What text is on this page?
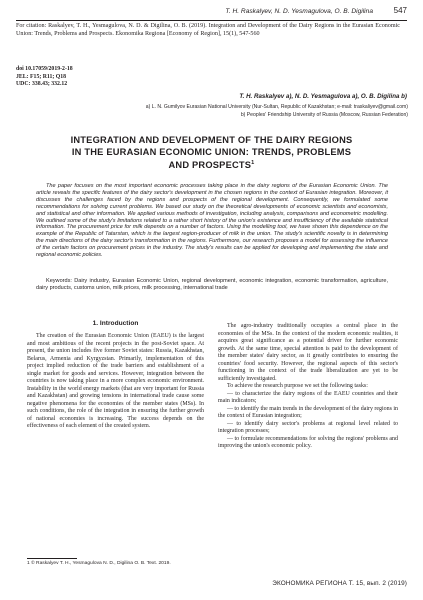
T. H. Raskalyev, N. D. Yesmagulova, O. B. Digilina	547
For citation: Raskalyev, T. H., Yesmagulova, N. D. & Digilina, O. B. (2019). Integration and Development of the Dairy Regions in the Eurasian Economic Union: Trends, Problems and Prospects. Ekonomika Regiona [Economy of Region], 15(1), 547-560
doi 10.17059/2019-2-18
JEL: F15; R11; Q18
UDC: 338.43; 332.12
T. H. Raskalyev a), N. D. Yesmagulova a), O. B. Digilina b)
a) L. N. Gumilyov Eurasian National University (Nur-Sultan, Republic of Kazakhstan; e-mail: traskaliyev@gmail.com)
b) Peoples' Friendship University of Russia (Moscow, Russian Federation)
INTEGRATION AND DEVELOPMENT OF THE DAIRY REGIONS
IN THE EURASIAN ECONOMIC UNION: TRENDS, PROBLEMS
AND PROSPECTS$^1$
The paper focuses on the most important economic processes taking place in the dairy regions of the Eurasian Economic Union. The article reveals the specific features of the dairy sector's development in the chosen regions in the context of Eurasian integration. Moreover, it discusses the challenges faced by the regions and prospects of the regional development. Consequently, we formulated some recommendations for solving current problems. We based our study on the theoretical developments of economic scientists and economists, and statistical and other information. We applied various methods of investigation, including analysis, comparisons and econometric modelling. We outlined some of the study's limitations related to a rather short history of the union's existence and insufficiency of the available statistical information. The procurement price for milk depends on a number of factors. Using the modelling tool, we have shown this dependence on the example of the Republic of Tatarstan, which is the largest region-producer of milk in the union. The study's scientific novelty is in determining the main directions of the dairy sector's transformation in the regions. Furthermore, our research proposes a model for assessing the influence of the certain factors on procurement prices in the industry. The study's results can be applied for developing and implementing the state and regional economic policies.
Keywords: Dairy industry, Eurasian Economic Union, regional development, economic integration, economic transformation, agriculture, dairy products, customs union, milk prices, milk processing, international trade
1. Introduction

The creation of the Eurasian Economic Union (EAEU) is the largest and most ambitious of the recent projects in the post-Soviet space. At present, the union includes five former Soviet states: Russia, Kazakhstan, Belarus, Armenia and Kyrgyzstan. Primarily, implementation of this project implied reduction of the trade barriers and establishment of a single market for goods and services. However, integration between the countries is now taking place in a more complex economic environment. Instability in the world energy markets (that are very important for Russia and Kazakhstan) and growing tensions in international trade cause some negative phenomena for the economies of the member states (MSs). In such conditions, the role of the integration in ensuring the further growth of national economies is increasing. The success depends on the effectiveness of each element of the created system.

The agro-industry traditionally occupies a central place in the economies of the MSs. In the context of the modern economic realities, it acquires great significance as a potential driver for further economic growth. At the same time, special attention is paid to the development of the member states' dairy sector, as it greatly contributes to ensuring the countries' food security. However, the regional aspects of this sector's functioning in the context of the trade liberalization are yet to be sufficiently investigated.

To achieve the research purpose we set the following tasks:

— to characterize the dairy regions of the EAEU countries and their main indicators;

— to identify the main trends in the development of the dairy regions in the context of Eurasian integration;

— to identify dairy sector's problems at regional level related to integration processes;

— to formulate recommendations for solving the regions' problems and improving the union's economic policy.

1 © Raskalyev T. H., Yesmagulova N. D., Digilina O. B. Text. 2019.
ЭКОНОМИКА РЕГИОНА Т. 15, вып. 2 (2019)
